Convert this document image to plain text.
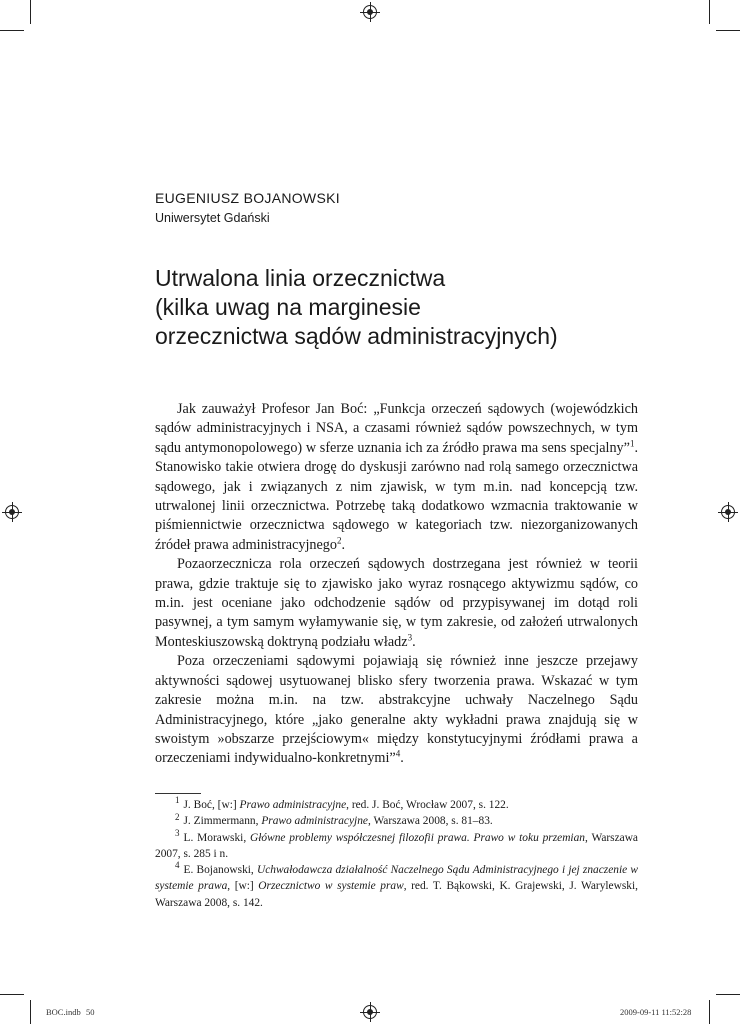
EUGENIUSZ BOJANOWSKI
Uniwersytet Gdański
Utrwalona linia orzecznictwa
(kilka uwag na marginesie
orzecznictwa sądów administracyjnych)

Jak zauważył Profesor Jan Boć: „Funkcja orzeczeń sądowych (wojewódzkich sądów administracyjnych i NSA, a czasami również sądów powszechnych, w tym sądu antymonopolowego) w sferze uznania ich za źródło prawa ma sens specjalny”$^1$. Stanowisko takie otwiera drogę do dyskusji zarówno nad rolą samego orzecznictwa sądowego, jak i związanych z nim zjawisk, w tym m.in. nad koncepcją tzw. utrwalonej linii orzecznictwa. Potrzebę taką dodatkowo wzmacnia traktowanie w piśmiennictwie orzecznictwa sądowego w kategoriach tzw. niezorganizowanych źródeł prawa administracyjnego$^2$.

Pozaorzecznicza rola orzeczeń sądowych dostrzegana jest również w teorii prawa, gdzie traktuje się to zjawisko jako wyraz rosnącego aktywizmu sądów, co m.in. jest oceniane jako odchodzenie sądów od przypisywanej im dotąd roli pasywnej, a tym samym wyłamywanie się, w tym zakresie, od założeń utrwalonych Monteskiuszowską doktryną podziału władz$^3$.

Poza orzeczeniami sądowymi pojawiają się również inne jeszcze przejawy aktywności sądowej usytuowanej blisko sfery tworzenia prawa. Wskazać w tym zakresie można m.in. na tzw. abstrakcyjne uchwały Naczelnego Sądu Administracyjnego, które „jako generalne akty wykładni prawa znajdują się w swoistym »obszarze przejściowym« między konstytucyjnymi źródłami prawa a orzeczeniami indywidualno-konkretnymi”$^4$.

$^1$ J. Boć, [w:] Prawo administracyjne, red. J. Boć, Wrocław 2007, s. 122.

$^2$ J. Zimmermann, Prawo administracyjne, Warszawa 2008, s. 81–83.

$^3$ L. Morawski, Główne problemy współczesnej filozofii prawa. Prawo w toku przemian, Warszawa 2007, s. 285 i n.

$^4$ E. Bojanowski, Uchwałodawcza działalność Naczelnego Sądu Administracyjnego i jej znaczenie w systemie prawa, [w:] Orzecznictwo w systemie praw, red. T. Bąkowski, K. Grajewski, J. Warylewski, Warszawa 2008, s. 142.

BOC.indb 50	2009-09-11 11:52:28
